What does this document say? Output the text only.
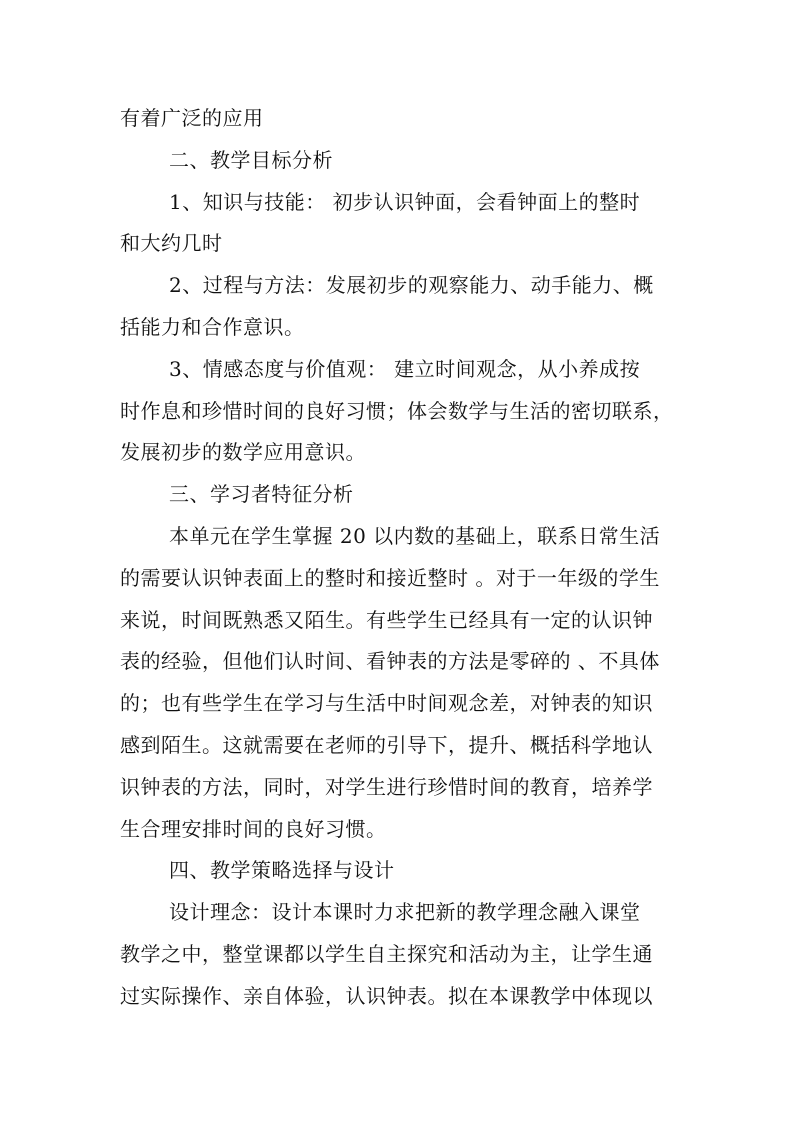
有着广泛的应用
二、教学目标分析
1、知识与技能： 初步认识钟面，会看钟面上的整时
和大约几时
2、过程与方法：发展初步的观察能力、动手能力、概
括能力和合作意识。
3、情感态度与价值观： 建立时间观念，从小养成按
时作息和珍惜时间的良好习惯；体会数学与生活的密切联系，
发展初步的数学应用意识。
三、学习者特征分析
本单元在学生掌握 20 以内数的基础上，联系日常生活
的需要认识钟表面上的整时和接近整时 。对于一年级的学生
来说，时间既熟悉又陌生。有些学生已经具有一定的认识钟
表的经验，但他们认时间、看钟表的方法是零碎的 、不具体
的；也有些学生在学习与生活中时间观念差，对钟表的知识
感到陌生。这就需要在老师的引导下，提升、概括科学地认
识钟表的方法，同时，对学生进行珍惜时间的教育，培养学
生合理安排时间的良好习惯。
四、教学策略选择与设计
设计理念：设计本课时力求把新的教学理念融入课堂
教学之中，整堂课都以学生自主探究和活动为主，让学生通
过实际操作、亲自体验，认识钟表。拟在本课教学中体现以
